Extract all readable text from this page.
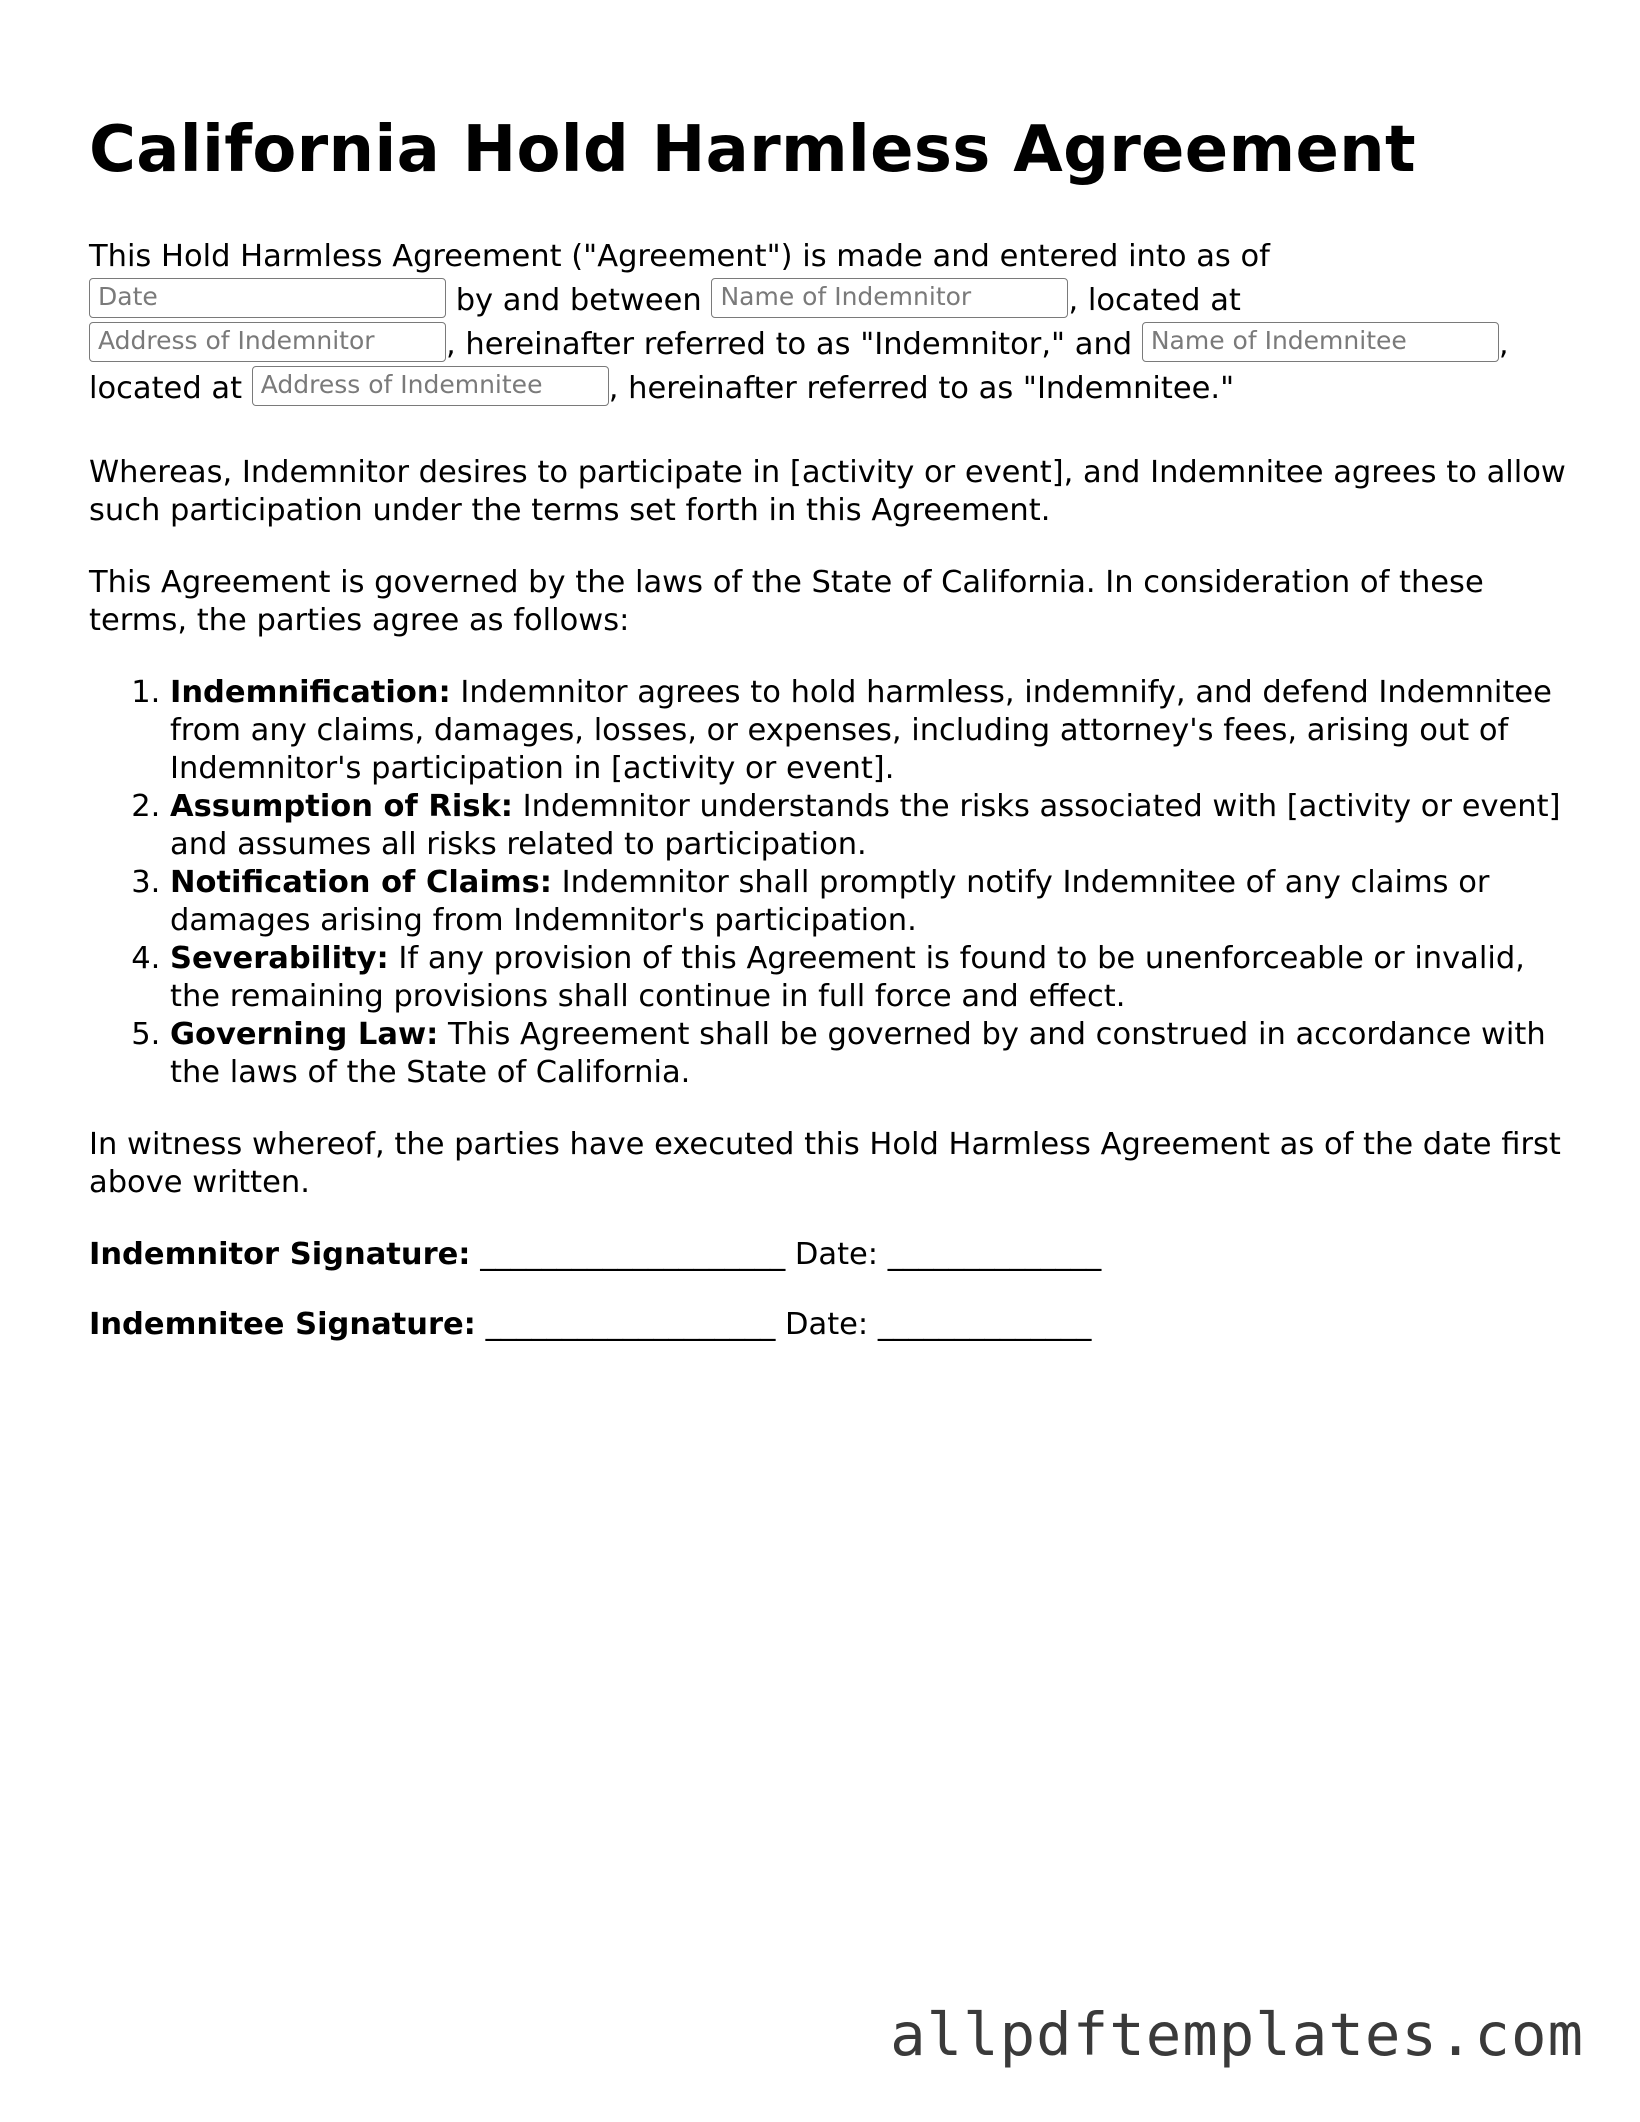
California Hold Harmless Agreement

This Hold Harmless Agreement ("Agreement") is made and entered into as of Date	by and between Name of Indemnitor	, located at Address of Indemnitor , hereinafter referred to as "Indemnitor," and Name of Indemnitee	, located at Address of Indemnitee , hereinafter referred to as "Indemnitee."

Whereas, Indemnitor desires to participate in [activity or event], and Indemnitee agrees to allow such participation under the terms set forth in this Agreement.

This Agreement is governed by the laws of the State of California. In consideration of these terms, the parties agree as follows:

1. Indemnification: Indemnitor agrees to hold harmless, indemnify, and defend Indemnitee from any claims, damages, losses, or expenses, including attorney's fees, arising out of Indemnitor's participation in [activity or event].
2. Assumption of Risk: Indemnitor understands the risks associated with [activity or event] and assumes all risks related to participation.
3. Notification of Claims: Indemnitor shall promptly notify Indemnitee of any claims or damages arising from Indemnitor's participation.
4. Severability: If any provision of this Agreement is found to be unenforceable or invalid, the remaining provisions shall continue in full force and effect.
5. Governing Law: This Agreement shall be governed by and construed in accordance with the laws of the State of California.

In witness whereof, the parties have executed this Hold Harmless Agreement as of the date first above written.

Indemnitor Signature: ____________________ Date: ______________
Indemnitee Signature: ___________________ Date: ______________
allpdftemplates.com
